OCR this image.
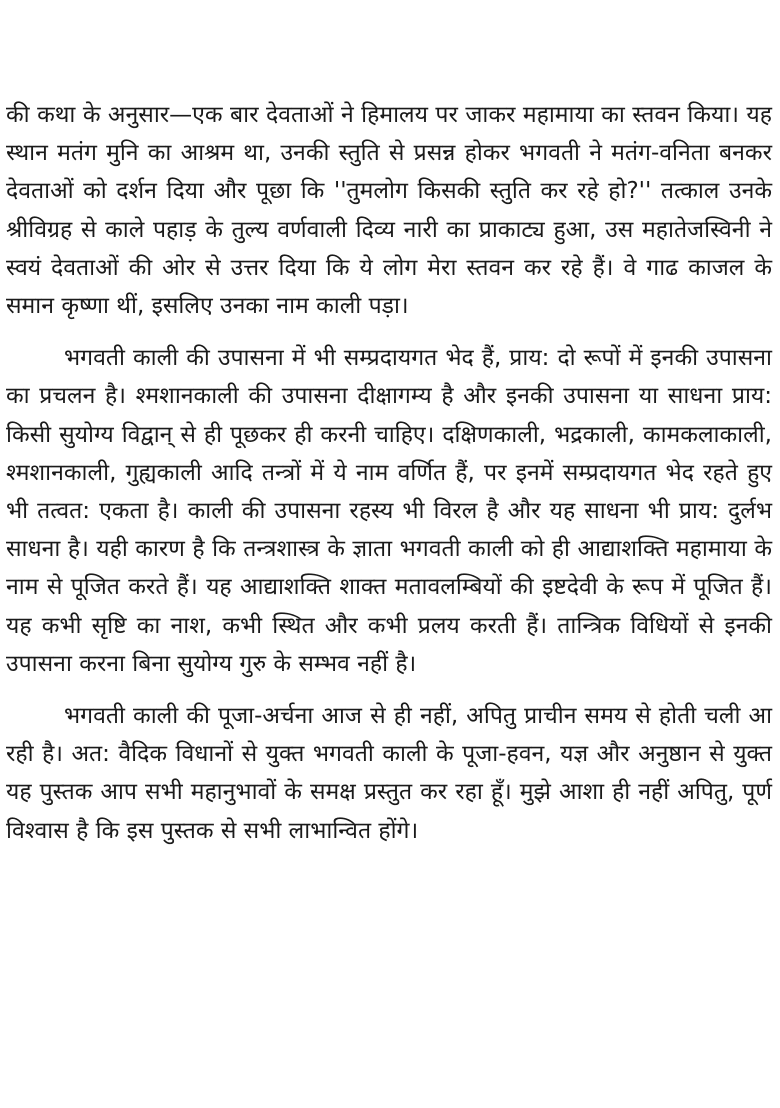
की कथा के अनुसार—एक बार देवताओं ने हिमालय पर जाकर महामाया का स्तवन किया। यह स्थान मतंग मुनि का आश्रम था, उनकी स्तुति से प्रसन्न होकर भगवती ने मतंग-वनिता बनकर देवताओं को दर्शन दिया और पूछा कि ''तुमलोग किसकी स्तुति कर रहे हो?'' तत्काल उनके श्रीविग्रह से काले पहाड़ के तुल्य वर्णवाली दिव्य नारी का प्राकाट्य हुआ, उस महातेजस्विनी ने स्वयं देवताओं की ओर से उत्तर दिया कि ये लोग मेरा स्तवन कर रहे हैं। वे गाढ काजल के समान कृष्णा थीं, इसलिए उनका नाम काली पड़ा।

भगवती काली की उपासना में भी सम्प्रदायगत भेद हैं, प्राय: दो रूपों में इनकी उपासना का प्रचलन है। श्मशानकाली की उपासना दीक्षागम्य है और इनकी उपासना या साधना प्राय: किसी सुयोग्य विद्वान् से ही पूछकर ही करनी चाहिए। दक्षिणकाली, भद्रकाली, कामकलाकाली, श्मशानकाली, गुह्यकाली आदि तन्त्रों में ये नाम वर्णित हैं, पर इनमें सम्प्रदायगत भेद रहते हुए भी तत्वत: एकता है। काली की उपासना रहस्य भी विरल है और यह साधना भी प्राय: दुर्लभ साधना है। यही कारण है कि तन्त्रशास्त्र के ज्ञाता भगवती काली को ही आद्याशक्ति महामाया के नाम से पूजित करते हैं। यह आद्याशक्ति शाक्त मतावलम्बियों की इष्टदेवी के रूप में पूजित हैं। यह कभी सृष्टि का नाश, कभी स्थित और कभी प्रलय करती हैं। तान्त्रिक विधियों से इनकी उपासना करना बिना सुयोग्य गुरु के सम्भव नहीं है।

भगवती काली की पूजा-अर्चना आज से ही नहीं, अपितु प्राचीन समय से होती चली आ रही है। अत: वैदिक विधानों से युक्त भगवती काली के पूजा-हवन, यज्ञ और अनुष्ठान से युक्त यह पुस्तक आप सभी महानुभावों के समक्ष प्रस्तुत कर रहा हूँ। मुझे आशा ही नहीं अपितु, पूर्ण विश्वास है कि इस पुस्तक से सभी लाभान्वित होंगे।
